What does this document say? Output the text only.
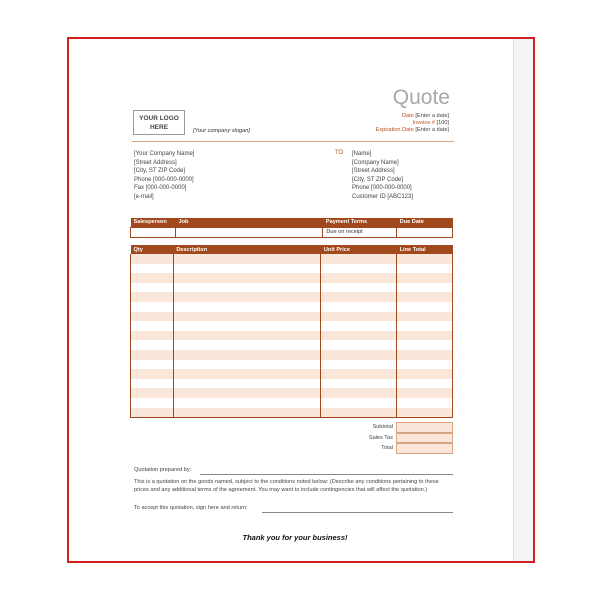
Quote
Date [Enter a date]
Invoice # [100]
Expiration Date [Enter a date]
YOUR LOGO
HERE	[Your company slogan]
[Your Company Name]
[Street Address]
[City, ST ZIP Code]
Phone [000-000-0000]
Fax [000-000-0000]
[e-mail]
TO [Name]
[Company Name]
[Street Address]
[City, ST ZIP Code]
Phone [000-000-0000]
Customer ID [ABC123]
Salesperson	Job	Payment Terms	Due Date
		Due on receipt	
Qty	Description	Unit Price	Line Total

Subtotal
Sales Tax
Total
Quotation prepared by:
This is a quotation on the goods named, subject to the conditions noted below: (Describe any conditions pertaining to these prices and any additional terms of the agreement. You may want to include contingencies that will affect the quotation.)
To accept this quotation, sign here and return:
Thank you for your business!
